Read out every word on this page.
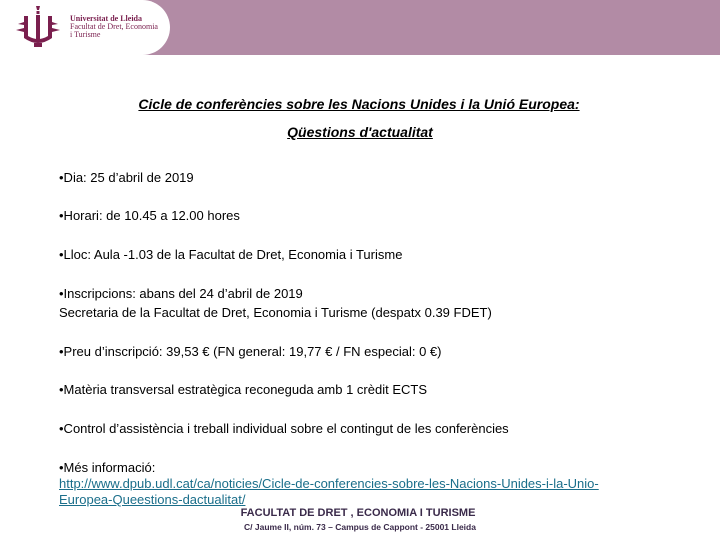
Universitat de Lleida
Facultat de Dret, Economia
i Turisme
Cicle de conferències sobre les Nacions Unides i la Unió Europea:
Qüestions d'actualitat
•Dia: 25 d’abril de 2019
•Horari: de 10.45 a 12.00 hores
•Lloc: Aula -1.03 de la Facultat de Dret, Economia i Turisme
•Inscripcions: abans del 24 d’abril de 2019
Secretaria de la Facultat de Dret, Economia i Turisme (despatx 0.39 FDET)
•Preu d’inscripció: 39,53 € (FN general: 19,77 € / FN especial: 0 €)
•Matèria transversal estratègica reconeguda amb 1 crèdit ECTS
•Control d’assistència i treball individual sobre el contingut de les conferències
•Més informació:
http://www.dpub.udl.cat/ca/noticies/Cicle-de-conferencies-sobre-les-Nacions-Unides-i-la-Unio-
Europea-Queestions-dactualitat/
FACULTAT DE DRET , ECONOMIA I TURISME
C/ Jaume II, núm. 73 – Campus de Cappont - 25001 Lleida
